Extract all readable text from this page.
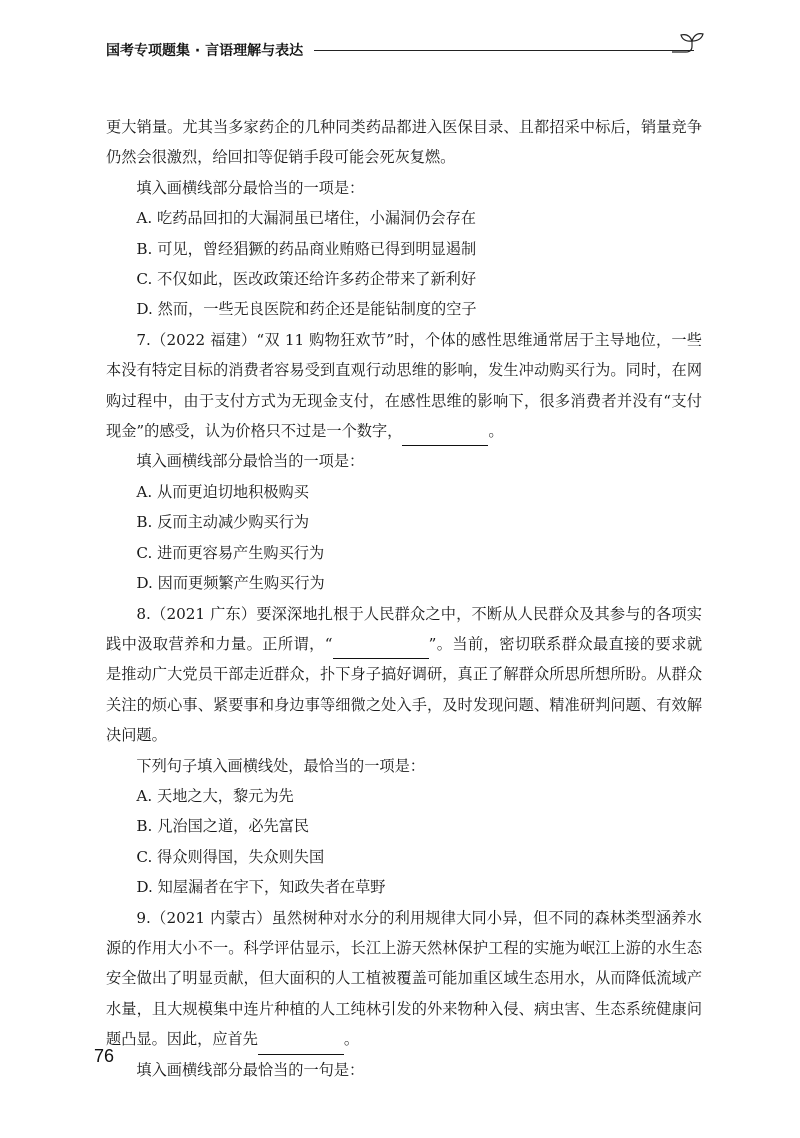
国考专项题集 · 言语理解与表达

更大销量。尤其当多家药企的几种同类药品都进入医保目录、且都招采中标后，销量竞争仍然会很激烈，给回扣等促销手段可能会死灰复燃。

填入画横线部分最恰当的一项是：

A. 吃药品回扣的大漏洞虽已堵住，小漏洞仍会存在

B. 可见，曾经猖獗的药品商业贿赂已得到明显遏制

C. 不仅如此，医改政策还给许多药企带来了新利好

D. 然而，一些无良医院和药企还是能钻制度的空子

7.（2022 福建）“双 11 购物狂欢节”时，个体的感性思维通常居于主导地位，一些本没有特定目标的消费者容易受到直观行动思维的影响，发生冲动购买行为。同时，在网购过程中，由于支付方式为无现金支付，在感性思维的影响下，很多消费者并没有“支付现金”的感受，认为价格只不过是一个数字，	。

填入画横线部分最恰当的一项是：

A. 从而更迫切地积极购买

B. 反而主动减少购买行为

C. 进而更容易产生购买行为

D. 因而更频繁产生购买行为

8.（2021 广东）要深深地扎根于人民群众之中，不断从人民群众及其参与的各项实践中汲取营养和力量。正所谓，“	”。当前，密切联系群众最直接的要求就是推动广大党员干部走近群众，扑下身子搞好调研，真正了解群众所思所想所盼。从群众关注的烦心事、紧要事和身边事等细微之处入手，及时发现问题、精准研判问题、有效解决问题。

下列句子填入画横线处，最恰当的一项是：

A. 天地之大，黎元为先

B. 凡治国之道，必先富民

C. 得众则得国，失众则失国

D. 知屋漏者在宇下，知政失者在草野

9.（2021 内蒙古）虽然树种对水分的利用规律大同小异，但不同的森林类型涵养水源的作用大小不一。科学评估显示，长江上游天然林保护工程的实施为岷江上游的水生态安全做出了明显贡献，但大面积的人工植被覆盖可能加重区域生态用水，从而降低流域产水量，且大规模集中连片种植的人工纯林引发的外来物种入侵、病虫害、生态系统健康问题凸显。因此，应首先	。

填入画横线部分最恰当的一句是：

76
